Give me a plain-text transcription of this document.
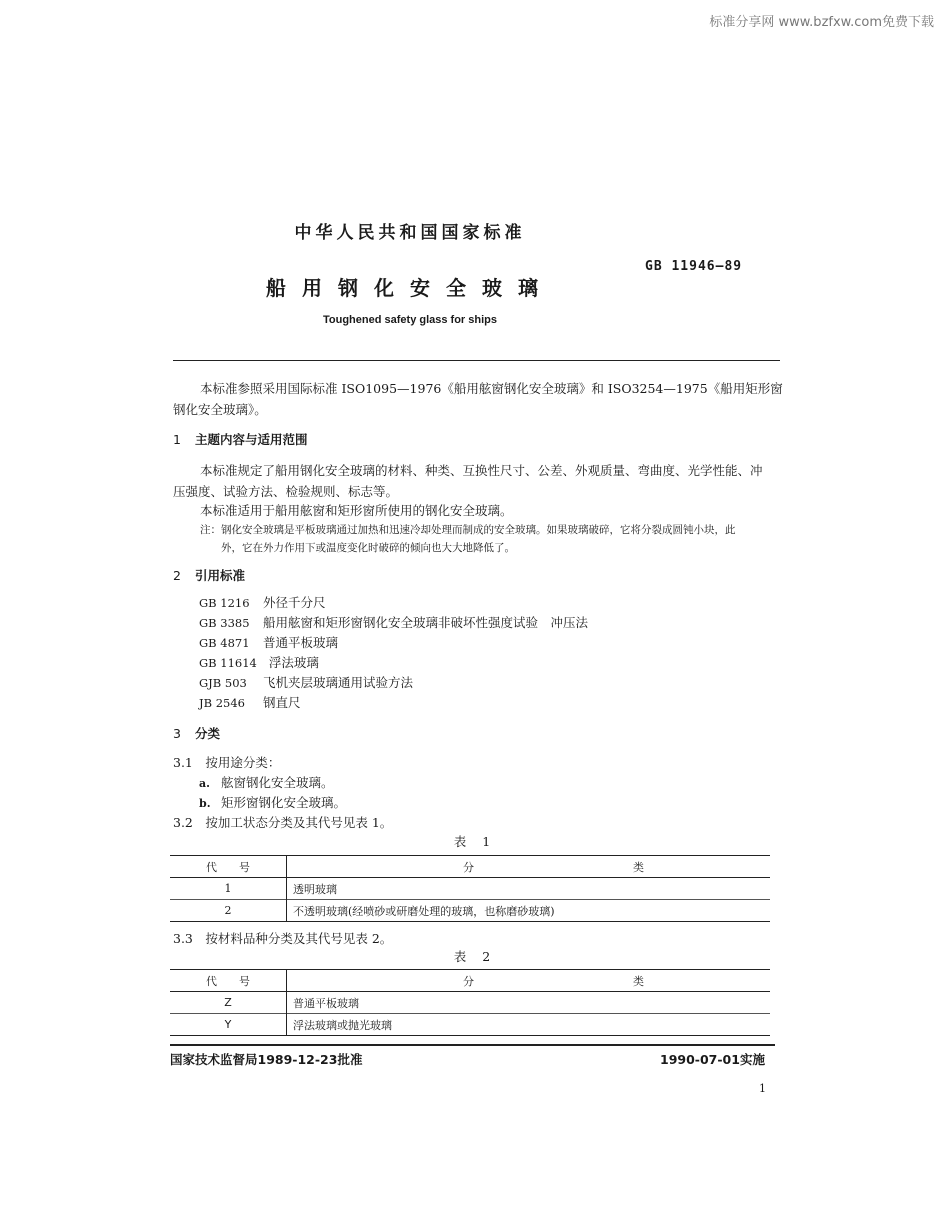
标准分享网 www.bzfxw.com免费下载
中华人民共和国国家标准
GB 11946—89
船用钢化安全玻璃
Toughened safety glass for ships
本标准参照采用国际标准 ISO1095—1976《船用舷窗钢化安全玻璃》和 ISO3254—1975《船用矩形窗
钢化安全玻璃》。
1 主题内容与适用范围
本标准规定了船用钢化安全玻璃的材料、种类、互换性尺寸、公差、外观质量、弯曲度、光学性能、冲
压强度、试验方法、检验规则、标志等。
本标准适用于船用舷窗和矩形窗所使用的钢化安全玻璃。
注：钢化安全玻璃是平板玻璃通过加热和迅速冷却处理而制成的安全玻璃。如果玻璃破碎，它将分裂成圆钝小块，此
外，它在外力作用下或温度变化时破碎的倾向也大大地降低了。
2 引用标准
GB 1216 外径千分尺
GB 3385 船用舷窗和矩形窗钢化安全玻璃非破坏性强度试验　冲压法
GB 4871 普通平板玻璃
GB 11614 浮法玻璃
GJB 503 飞机夹层玻璃通用试验方法
JB 2546 钢直尺
3 分类
3.1　按用途分类：
a. 舷窗钢化安全玻璃。
b. 矩形窗钢化安全玻璃。
3.2　按加工状态分类及其代号见表 1。
表 1
代　　号	分 类

1	透明玻璃
2	不透明玻璃(经喷砂或研磨处理的玻璃，也称磨砂玻璃)
3.3　按材料品种分类及其代号见表 2。
表 2
代　　号	分 类

Z	普通平板玻璃
Y	浮法玻璃或抛光玻璃
国家技术监督局1989-12-23批准	1990-07-01实施
1
